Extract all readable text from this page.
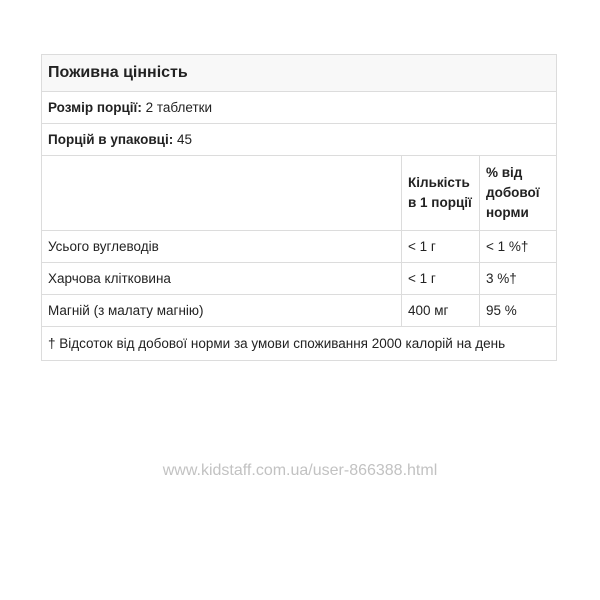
Поживна цінність		
Розмір порції: 2 таблетки		
Порцій в упаковці: 45		
	Кількість в 1 порції	% від добової норми
Усього вуглеводів	< 1 г	< 1 %†
Харчова клітковина	< 1 г	3 %†
Магній (з малату магнію)	400 мг	95 %
† Відсоток від добової норми за умови споживання 2000 калорій на день		
www.kidstaff.com.ua/user-866388.html
